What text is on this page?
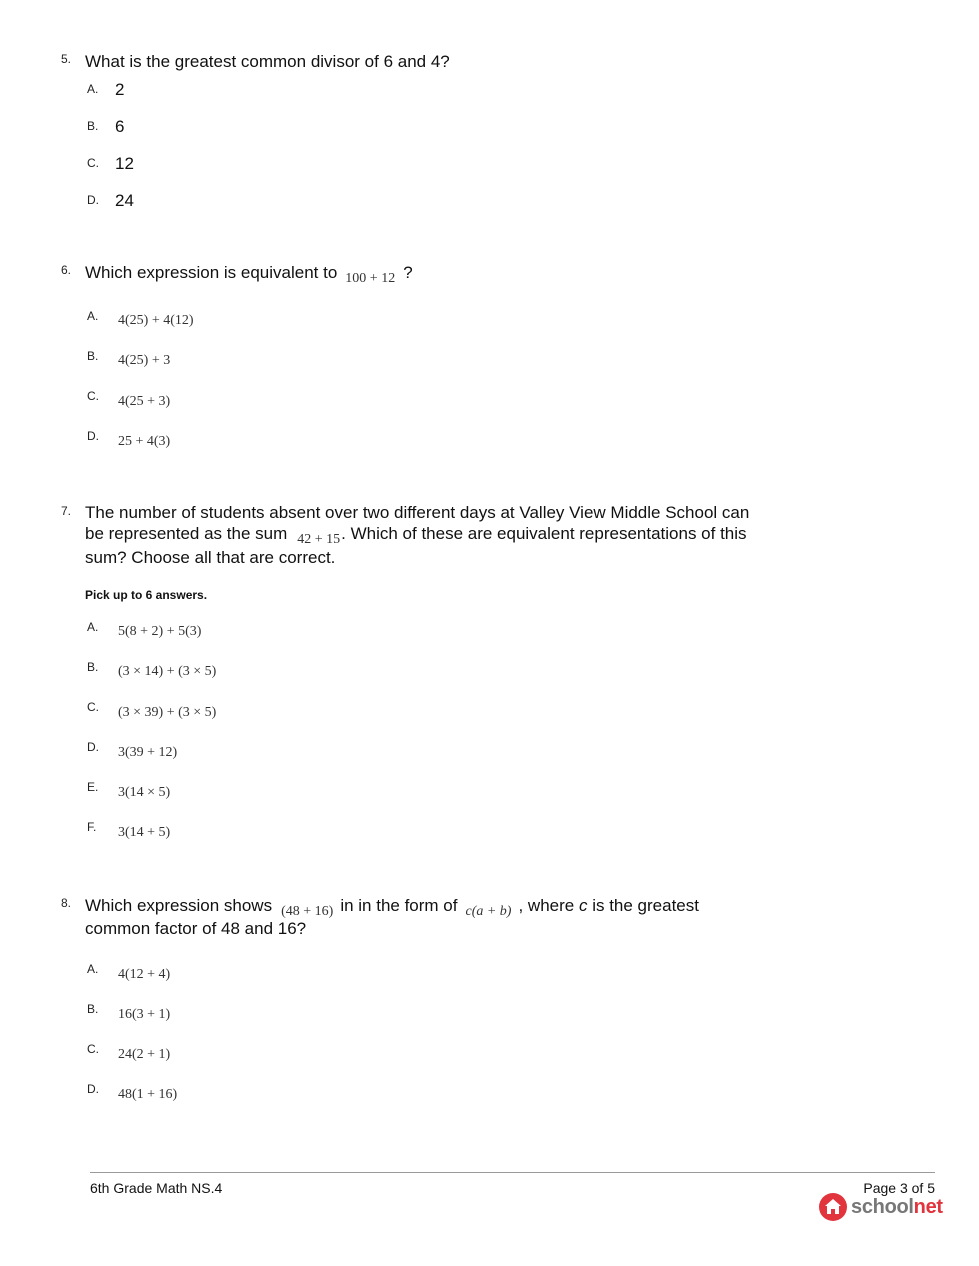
5. What is the greatest common divisor of 6 and 4?
A. 2
B. 6
C. 12
D. 24
6. Which expression is equivalent to $_{100 + 12}$ ?
A. 4(25) + 4(12)
B. 4(25) + 3
C. 4(25 + 3)
D. 25 + 4(3)
7. The number of students absent over two different days at Valley View Middle School can
be represented as the sum $_{42 + 15}$. Which of these are equivalent representations of this
sum? Choose all that are correct.
Pick up to 6 answers.
A. 5(8 + 2) + 5(3)
B. (3 × 14) + (3 × 5)
C. (3 × 39) + (3 × 5)
D. 3(39 + 12)
E. 3(14 × 5)
F. 3(14 + 5)
8. Which expression shows $_{(48 + 16)}$ in in the form of $_{c(a + b)}$ , where c is the greatest
common factor of 48 and 16?
A. 4(12 + 4)
B. 16(3 + 1)
C. 24(2 + 1)
D. 48(1 + 16)
6th Grade Math NS.4	Page 3 of 5
schoolnet
